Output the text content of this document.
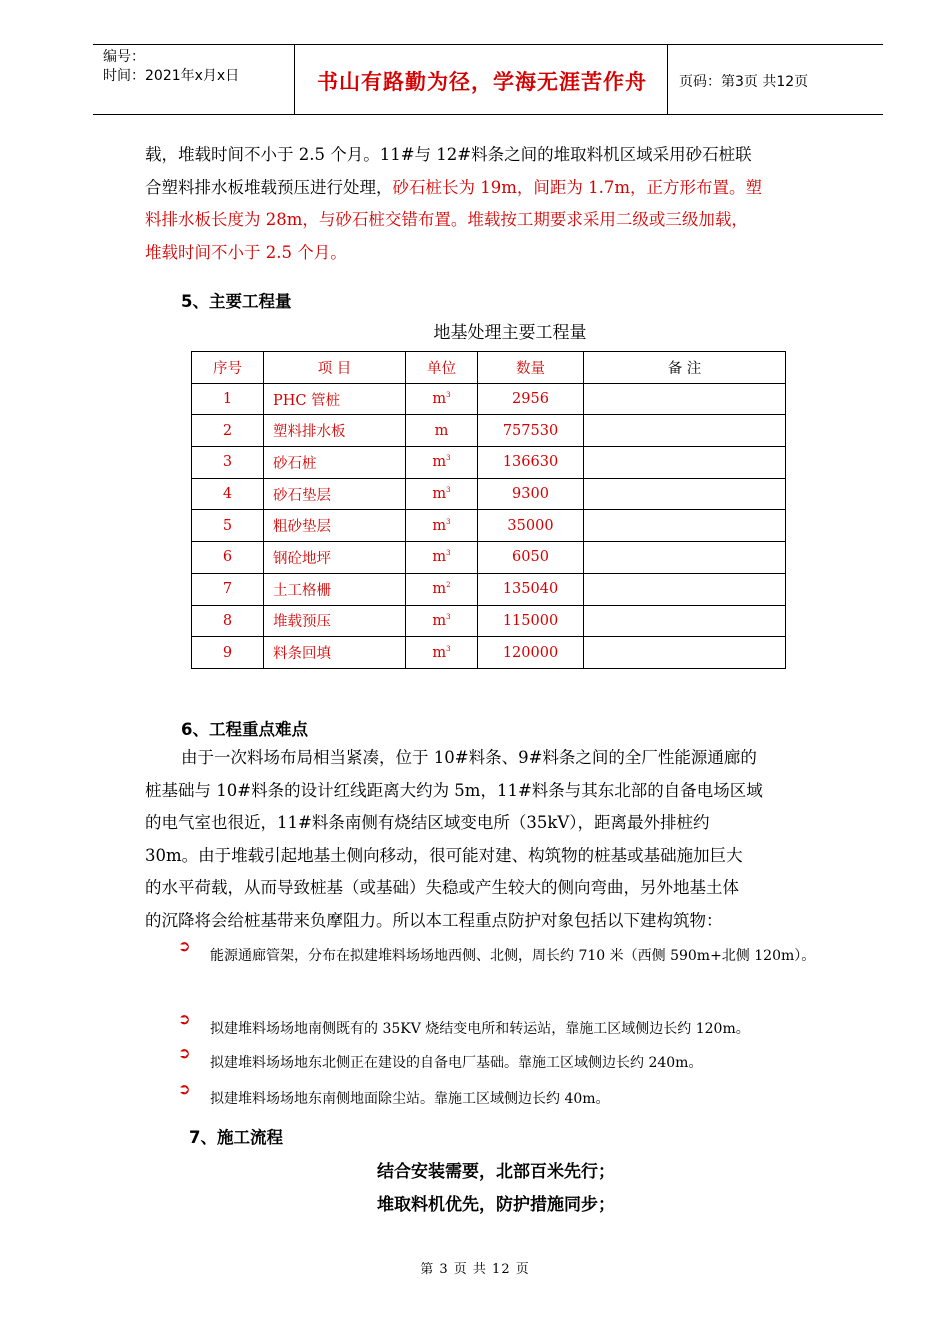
编号：
时间：2021年x月x日	书山有路勤为径，学海无涯苦作舟	页码：第3页 共12页
载，堆载时间不小于 2.5 个月。11#与 12#料条之间的堆取料机区域采用砂石桩联
合塑料排水板堆载预压进行处理，砂石桩长为 19m，间距为 1.7m，正方形布置。塑
料排水板长度为 28m，与砂石桩交错布置。堆载按工期要求采用二级或三级加载，
堆载时间不小于 2.5 个月。
5、主要工程量
地基处理主要工程量
序号	项 目	单位	数量	备 注
1	PHC 管桩	$m^3$	2956	
2	塑料排水板	m	757530	
3	砂石桩	$m^3$	136630	
4	砂石垫层	$m^3$	9300	
5	粗砂垫层	$m^3$	35000	
6	钢砼地坪	$m^3$	6050	
7	土工格栅	$m^2$	135040	
8	堆载预压	$m^3$	115000	
9	料条回填	$m^3$	120000	
6、工程重点难点
由于一次料场布局相当紧凑，位于 10#料条、9#料条之间的全厂性能源通廊的
桩基础与 10#料条的设计红线距离大约为 5m，11#料条与其东北部的自备电场区域
的电气室也很近，11#料条南侧有烧结区域变电所（35kV），距离最外排桩约
30m。由于堆载引起地基土侧向移动，很可能对建、构筑物的桩基或基础施加巨大
的水平荷载，从而导致桩基（或基础）失稳或产生较大的侧向弯曲，另外地基土体
的沉降将会给桩基带来负摩阻力。所以本工程重点防护对象包括以下建构筑物：
➲
能源通廊管架，分布在拟建堆料场场地西侧、北侧，周长约 710 米（西侧 590m+北侧 120m）。
➲
拟建堆料场场地南侧既有的 35KV 烧结变电所和转运站，靠施工区域侧边长约 120m。
➲
拟建堆料场场地东北侧正在建设的自备电厂基础。靠施工区域侧边长约 240m。
➲
拟建堆料场场地东南侧地面除尘站。靠施工区域侧边长约 40m。
7、施工流程
结合安装需要，北部百米先行；
堆取料机优先，防护措施同步；
第 3 页 共 12 页
